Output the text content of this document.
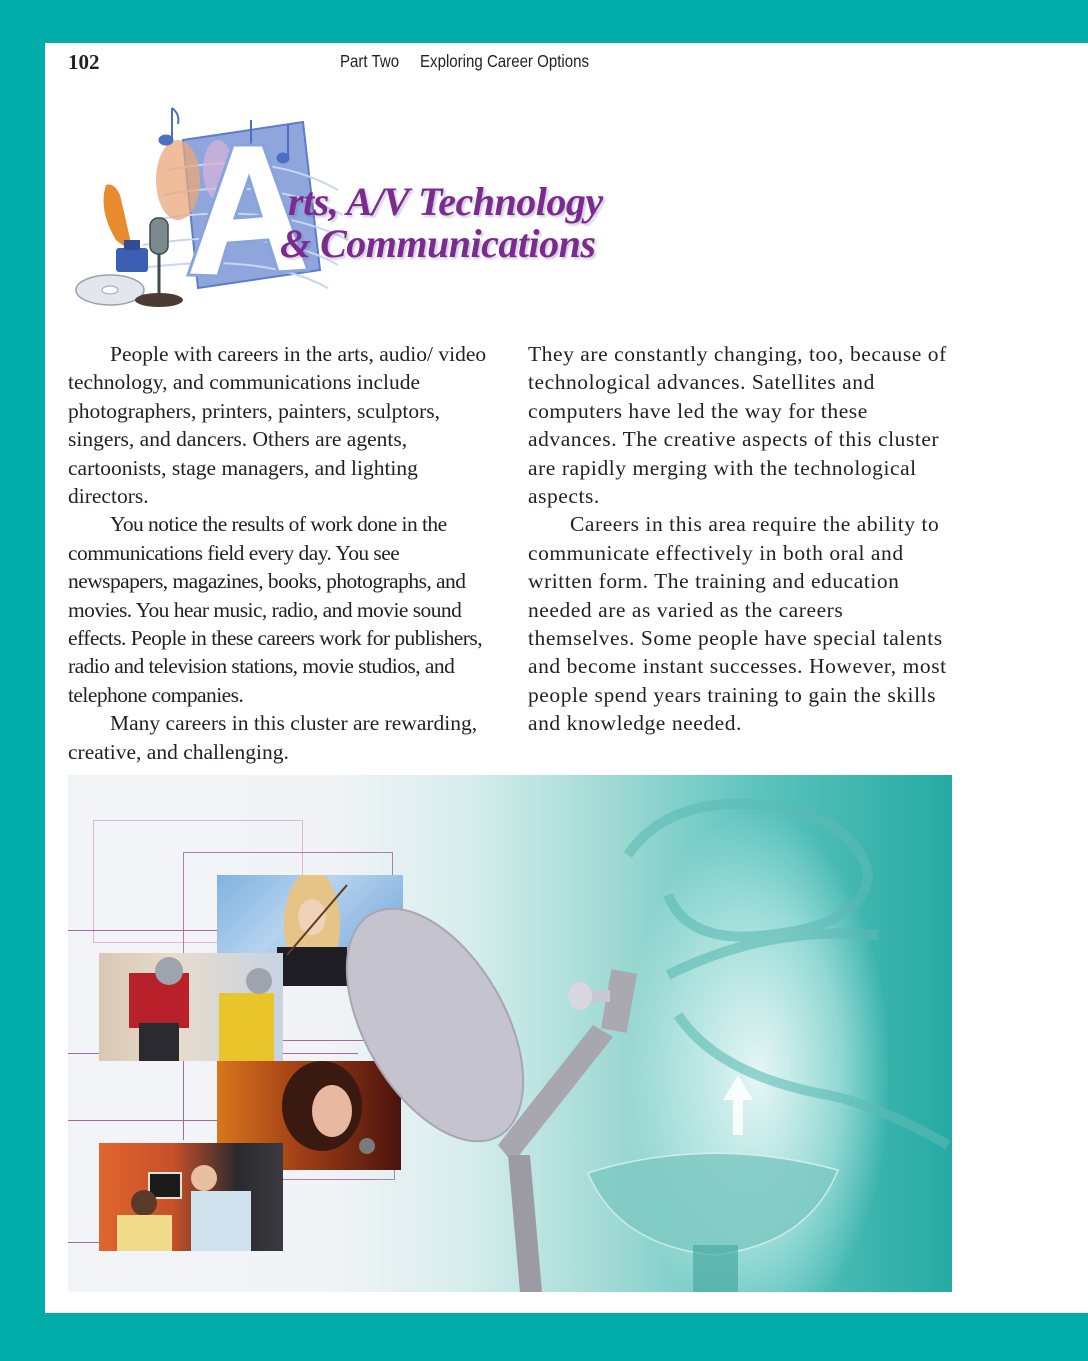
102	Part Two     Exploring Career Options
rts, A/V Technology
& Communications

People with careers in the arts, audio/ video technology, and communications include photographers, printers, painters, sculptors, singers, and dancers. Others are agents, cartoonists, stage managers, and lighting directors.

You notice the results of work done in the communications field every day. You see newspapers, magazines, books, photographs, and movies. You hear music, radio, and movie sound effects. People in these careers work for publishers, radio and television stations, movie studios, and telephone companies.

Many careers in this cluster are rewarding, creative, and challenging.

They are constantly changing, too, because of technological advances. Satellites and computers have led the way for these advances. The creative aspects of this cluster are rapidly merging with the technological aspects.

Careers in this area require the ability to communicate effectively in both oral and written form. The training and education needed are as varied as the careers themselves. Some people have special talents and become instant successes. However, most people spend years training to gain the skills and knowledge needed.
